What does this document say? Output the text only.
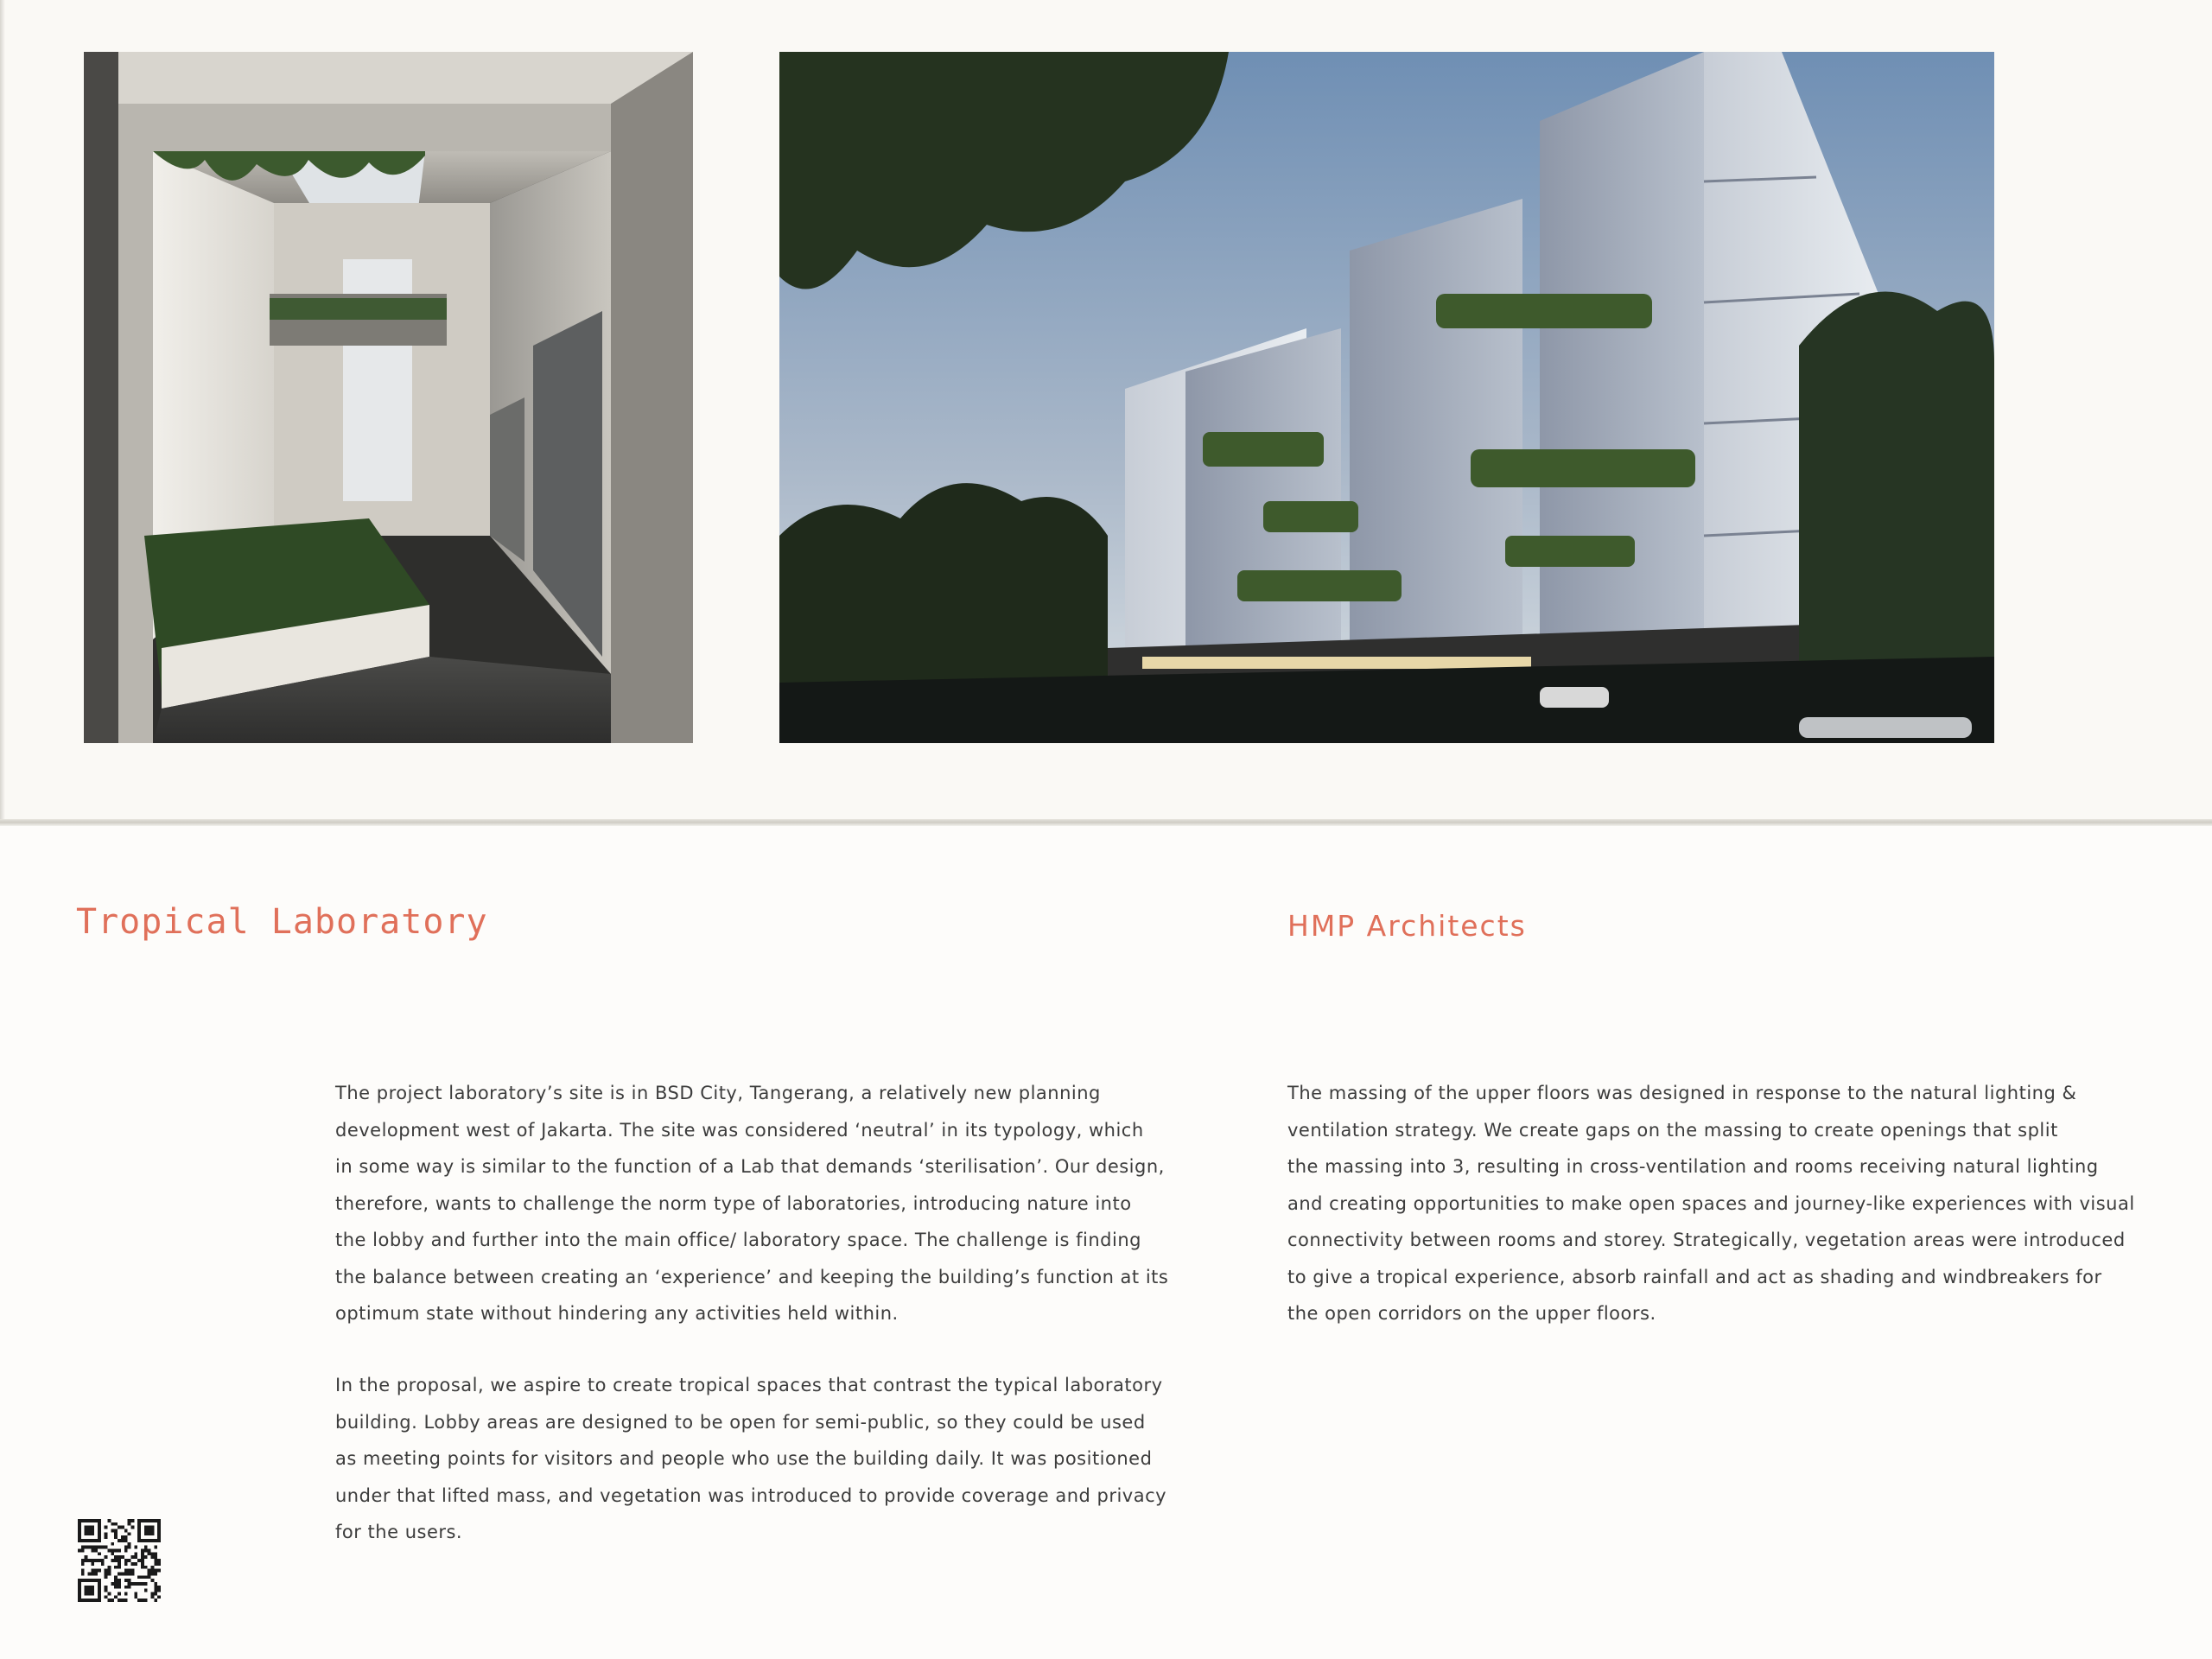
Tropical Laboratory	HMP Architects

The project laboratory’s site is in BSD City, Tangerang, a relatively new planning
development west of Jakarta. The site was considered ‘neutral’ in its typology, which
in some way is similar to the function of a Lab that demands ‘sterilisation’. Our design,
therefore, wants to challenge the norm type of laboratories, introducing nature into
the lobby and further into the main office/ laboratory space. The challenge is finding
the balance between creating an ‘experience’ and keeping the building’s function at its
optimum state without hindering any activities held within.

In the proposal, we aspire to create tropical spaces that contrast the typical laboratory
building. Lobby areas are designed to be open for semi-public, so they could be used
as meeting points for visitors and people who use the building daily. It was positioned
under that lifted mass, and vegetation was introduced to provide coverage and privacy
for the users.

The massing of the upper floors was designed in response to the natural lighting &
ventilation strategy. We create gaps on the massing to create openings that split
the massing into 3, resulting in cross-ventilation and rooms receiving natural lighting
and creating opportunities to make open spaces and journey-like experiences with visual
connectivity between rooms and storey. Strategically, vegetation areas were introduced
to give a tropical experience, absorb rainfall and act as shading and windbreakers for
the open corridors on the upper floors.
